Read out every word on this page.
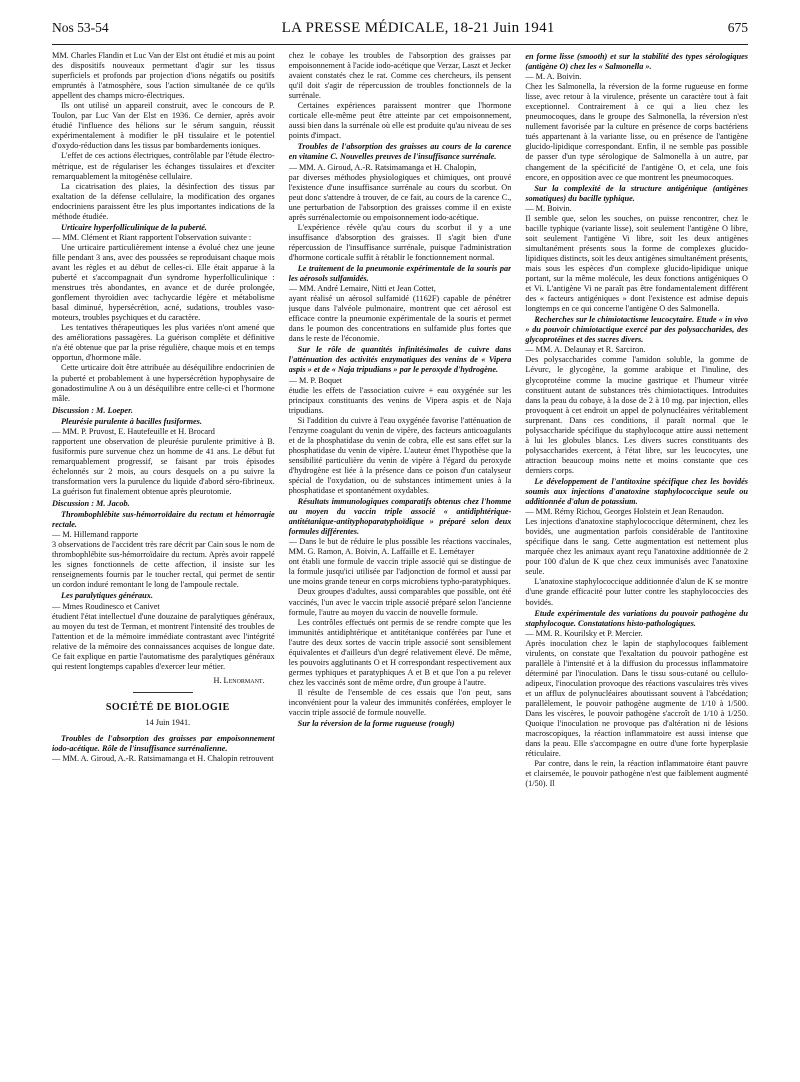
Nos 53-54	LA PRESSE MÉDICALE, 18-21 Juin 1941	675

MM. Charles Flandin et Luc Van der Elst ont étudié et mis au point des dispositifs nouveaux permettant d'agir sur les tissus superficiels et profonds par projection d'ions négatifs ou positifs empruntés à l'atmosphère, sous l'action simultanée de ce qu'ils appellent des champs micro-électriques.

Ils ont utilisé un appareil construit, avec le concours de P. Toulon, par Luc Van der Elst en 1936. Ce dernier, après avoir étudié l'influence des hélions sur le sérum sanguin, réussit expérimentalement à modifier le pH tissulaire et le potentiel d'oxydo-réduction dans les tissus par bombardements ioniques.

L'effet de ces actions électriques, contrôlable par l'étude électro-métrique, est de régulariser les échanges tissulaires et d'exciter remarquablement la mitogénèse cellulaire.

La cicatrisation des plaies, la désinfection des tissus par exaltation de la défense cellulaire, la modification des organes endocriniens paraissent être les plus importantes indications de la méthode étudiée.

Urticaire hyperfolliculinique de la puberté.

— MM. Clément et Riant rapportent l'observation suivante :

Une urticaire particulièrement intense a évolué chez une jeune fille pendant 3 ans, avec des poussées se reproduisant chaque mois avant les règles et au début de celles-ci. Elle était apparue à la puberté et s'accompagnait d'un syndrome hyperfolliculinique : menstrues très abondantes, en avance et de durée prolongée, gonflement thyroïdien avec tachycardie légère et métabolisme basal diminué, hypersécrétion, acné, sudations, troubles vaso-moteurs, troubles psychiques et du caractère.

Les tentatives thérapeutiques les plus variées n'ont amené que des améliorations passagères. La guérison complète et définitive n'a été obtenue que par la prise régulière, chaque mois et en temps opportun, d'hormone mâle.

Cette urticaire doit être attribuée au déséquilibre endocrinien de la puberté et probablement à une hypersécrétion hypophysaire de gonadostimuline A ou à un déséquilibre entre celle-ci et l'hormone mâle.

Discussion : M. Loeper.

Pleurésie purulente à bacilles fusiformes.

— MM. P. Pruvost, E. Hautefeuille et H. Brocard

rapportent une observation de pleurésie purulente primitive à B. fusiformis pure survenue chez un homme de 41 ans. Le début fut remarquablement progressif, se faisant par trois épisodes échelonnés sur 2 mois, au cours desquels on a pu suivre la transformation vers la purulence du liquide d'abord séro-fibrineux. La guérison fut finalement obtenue après pleurotomie.

Discussion : M. Jacob.

Thrombophlébite sus-hémorroïdaire du rectum et hémorragie rectale.

— M. Hillemand rapporte

3 observations de l'accident très rare décrit par Cain sous le nom de thrombophlébite sus-hémorroïdaire du rectum. Après avoir rappelé les signes fonctionnels de cette affection, il insiste sur les renseignements fournis par le toucher rectal, qui permet de sentir un cordon induré remontant le long de l'ampoule rectale.

Les paralytiques généraux.

— Mmes Roudinesco et Canivet

étudient l'état intellectuel d'une douzaine de paralytiques généraux, au moyen du test de Terman, et montrent l'intensité des troubles de l'attention et de la mémoire immédiate contrastant avec l'intégrité relative de la mémoire des connaissances acquises de longue date. Ce fait explique en partie l'automatisme des paralytiques généraux qui restent longtemps capables d'exercer leur métier.

H. Lenormant.

SOCIÉTÉ DE BIOLOGIE

14 Juin 1941.

Troubles de l'absorption des graisses par empoisonnement iodo-acétique. Rôle de l'insuffisance surrénalienne.

— MM. A. Giroud, A.-R. Ratsimamanga et H. Chalopin retrouvent

chez le cobaye les troubles de l'absorption des graisses par empoisonnement à l'acide iodo-acétique que Verzar, Laszt et Jecker avaient constatés chez le rat. Comme ces chercheurs, ils pensent qu'il doit s'agir de répercussion de troubles fonctionnels de la surrénale.

Certaines expériences paraissent montrer que l'hormone corticale elle-même peut être atteinte par cet empoisonnement, aussi bien dans la surrénale où elle est produite qu'au niveau de ses points d'impact.

Troubles de l'absorption des graisses au cours de la carence en vitamine C. Nouvelles preuves de l'insuffisance surrénale.

— MM. A. Giroud, A.-R. Ratsimamanga et H. Chalopin,

par diverses méthodes physiologiques et chimiques, ont prouvé l'existence d'une insuffisance surrénale au cours du scorbut. On peut donc s'attendre à trouver, de ce fait, au cours de la carence C., une perturbation de l'absorption des graisses comme il en existe après surrénalectomie ou empoisonnement iodo-acétique.

L'expérience révèle qu'au cours du scorbut il y a une insuffisance d'absorption des graisses. Il s'agit bien d'une répercussion de l'insuffisance surrénale, puisque l'administration d'hormone corticale suffit à rétablir le fonctionnement normal.

Le traitement de la pneumonie expérimentale de la souris par les aérosols sulfamidés.

— MM. André Lemaire, Nitti et Jean Cottet,

ayant réalisé un aérosol sulfamidé (1162F) capable de pénétrer jusque dans l'alvéole pulmonaire, montrent que cet aérosol est efficace contre la pneumonie expérimentale de la souris et permet dans le poumon des concentrations en sulfamide plus fortes que dans le reste de l'économie.

Sur le rôle de quantités infinitésimales de cuivre dans l'atténuation des activités enzymatiques des venins de « Vipera aspis » et de « Naja tripudians » par le peroxyde d'hydrogène.

— M. P. Boquet

étudie les effets de l'association cuivre + eau oxygénée sur les principaux constituants des venins de Vipera aspis et de Naja tripudians.

Si l'addition du cuivre à l'eau oxygénée favorise l'atténuation de l'enzyme coagulant du venin de vipère, des facteurs anticoagulants et de la phosphatidase du venin de cobra, elle est sans effet sur la phosphatidase du venin de vipère. L'auteur émet l'hypothèse que la sensibilité particulière du venin de vipère à l'égard du peroxyde d'hydrogène est liée à la présence dans ce poison d'un catalyseur spécial de l'oxydation, ou de substances intimement unies à la phosphatidase et spontanément oxydables.

Résultats immunologiques comparatifs obtenus chez l'homme au moyen du vaccin triple associé « antidiphtérique-antitétanique-antityphoparatyphoïdique » préparé selon deux formules différentes.

— Dans le but de réduire le plus possible les réactions vaccinales, MM. G. Ramon, A. Boivin, A. Laffaille et E. Lemétayer

ont établi une formule de vaccin triple associé qui se distingue de la formule jusqu'ici utilisée par l'adjonction de formol et aussi par une moins grande teneur en corps microbiens typho-paratyphiques.

Deux groupes d'adultes, aussi comparables que possible, ont été vaccinés, l'un avec le vaccin triple associé préparé selon l'ancienne formule, l'autre au moyen du vaccin de nouvelle formule.

Les contrôles effectués ont permis de se rendre compte que les immunités antidiphtérique et antitétanique conférées par l'une et l'autre des deux sortes de vaccin triple associé sont sensiblement équivalentes et d'ailleurs d'un degré relativement élevé. De même, les pouvoirs agglutinants O et H correspondant respectivement aux germes typhiques et paratyphiques A et B et que l'on a pu relever chez les vaccinés sont de même ordre, d'un groupe à l'autre.

Il résulte de l'ensemble de ces essais que l'on peut, sans inconvénient pour la valeur des immunités conférées, employer le vaccin triple associé de formule nouvelle.

Sur la réversion de la forme rugueuse (rough)

en forme lisse (smooth) et sur la stabilité des types sérologiques (antigène O) chez les « Salmonella ».

— M. A. Boivin.

Chez les Salmonella, la réversion de la forme rugueuse en forme lisse, avec retour à la virulence, présente un caractère tout à fait exceptionnel. Contrairement à ce qui a lieu chez les pneumocoques, dans le groupe des Salmonella, la réversion n'est nullement favorisée par la culture en présence de corps bactériens tués appartenant à la variante lisse, ou en présence de l'antigène glucido-lipidique correspondant. Enfin, il ne semble pas possible de passer d'un type sérologique de Salmonella à un autre, par changement de la spécificité de l'antigène O, et cela, une fois encore, en opposition avec ce que montrent les pneumocoques.

Sur la complexité de la structure antigénique (antigènes somatiques) du bacille typhique.

— M. Boivin.

Il semble que, selon les souches, on puisse rencontrer, chez le bacille typhique (variante lisse), soit seulement l'antigène O libre, soit seulement l'antigène Vi libre, soit les deux antigènes simultanément présents sous la forme de complexes glucido-lipidiques distincts, soit les deux antigènes simultanément présents, mais sous les espèces d'un complexe glucido-lipidique unique portant, sur la même molécule, les deux fonctions antigéniques O et Vi. L'antigène Vi ne paraît pas être fondamentalement différent des « facteurs antigéniques » dont l'existence est admise depuis longtemps en ce qui concerne l'antigène O des Salmonella.

Recherches sur le chimiotactisme leucocytaire. Etude « in vivo » du pouvoir chimiotactique exercé par des polysaccharides, des glycoprotéines et des sucres divers.

— MM. A. Delaunay et R. Sarciron.

Des polysaccharides comme l'amidon soluble, la gomme de Lévurc, le glycogène, la gomme arabique et l'inuline, des glycoprotéine comme la mucine gastrique et l'humeur vitrée constituent autant de substances très chimiotactiques. Introduites dans la peau du cobaye, à la dose de 2 à 10 mg. par injection, elles provoquent à cet endroit un appel de polynucléaires véritablement surprenant. Dans ces conditions, il paraît normal que le polysaccharide spécifique du staphylocoque attire aussi nettement à lui les globules blancs. Les divers sucres constituants des polysaccharides exercent, à l'état libre, sur les leucocytes, une attraction beaucoup moins nette et moins constante que ces derniers corps.

Le développement de l'antitoxine spécifique chez les bovidés soumis aux injections d'anatoxine staphylococcique seule ou additionnée d'alun de potassium.

— MM. Rémy Richou, Georges Holstein et Jean Renaudon.

Les injections d'anatoxine staphylococcique déterminent, chez les bovidés, une augmentation parfois considérable de l'antitoxine spécifique dans le sang. Cette augmentation est nettement plus marquée chez les animaux ayant reçu l'anatoxine additionnée de 2 pour 100 d'alun de K que chez ceux immunisés avec l'anatoxine seule.

L'anatoxine staphylococcique additionnée d'alun de K se montre d'une grande efficacité pour lutter contre les staphylococcies des bovidés.

Etude expérimentale des variations du pouvoir pathogène du staphylocoque. Constatations histo-pathologiques.

— MM. R. Kourilsky et P. Mercier.

Après inoculation chez le lapin de staphylocoques faiblement virulents, on constate que l'exaltation du pouvoir pathogène est parallèle à l'intensité et à la diffusion du processus inflammatoire déterminé par l'inoculation. Dans le tissu sous-cutané ou cellulo-adipeux, l'inoculation provoque des réactions vasculaires très vives et un afflux de polynucléaires aboutissant souvent à l'abcédation; parallèlement, le pouvoir pathogène augmente de 1/10 à 1/500. Dans les viscères, le pouvoir pathogène s'accroît de 1/10 à 1/250. Quoique l'inoculation ne provoque pas d'altération ni de lésions macroscopiques, la réaction inflammatoire est aussi intense que dans la peau. Elle s'accompagne en outre d'une forte hyperplasie réticulaire.

Par contre, dans le rein, la réaction inflammatoire étant pauvre et clairsemée, le pouvoir pathogène n'est que faiblement augmenté (1/50). Il
